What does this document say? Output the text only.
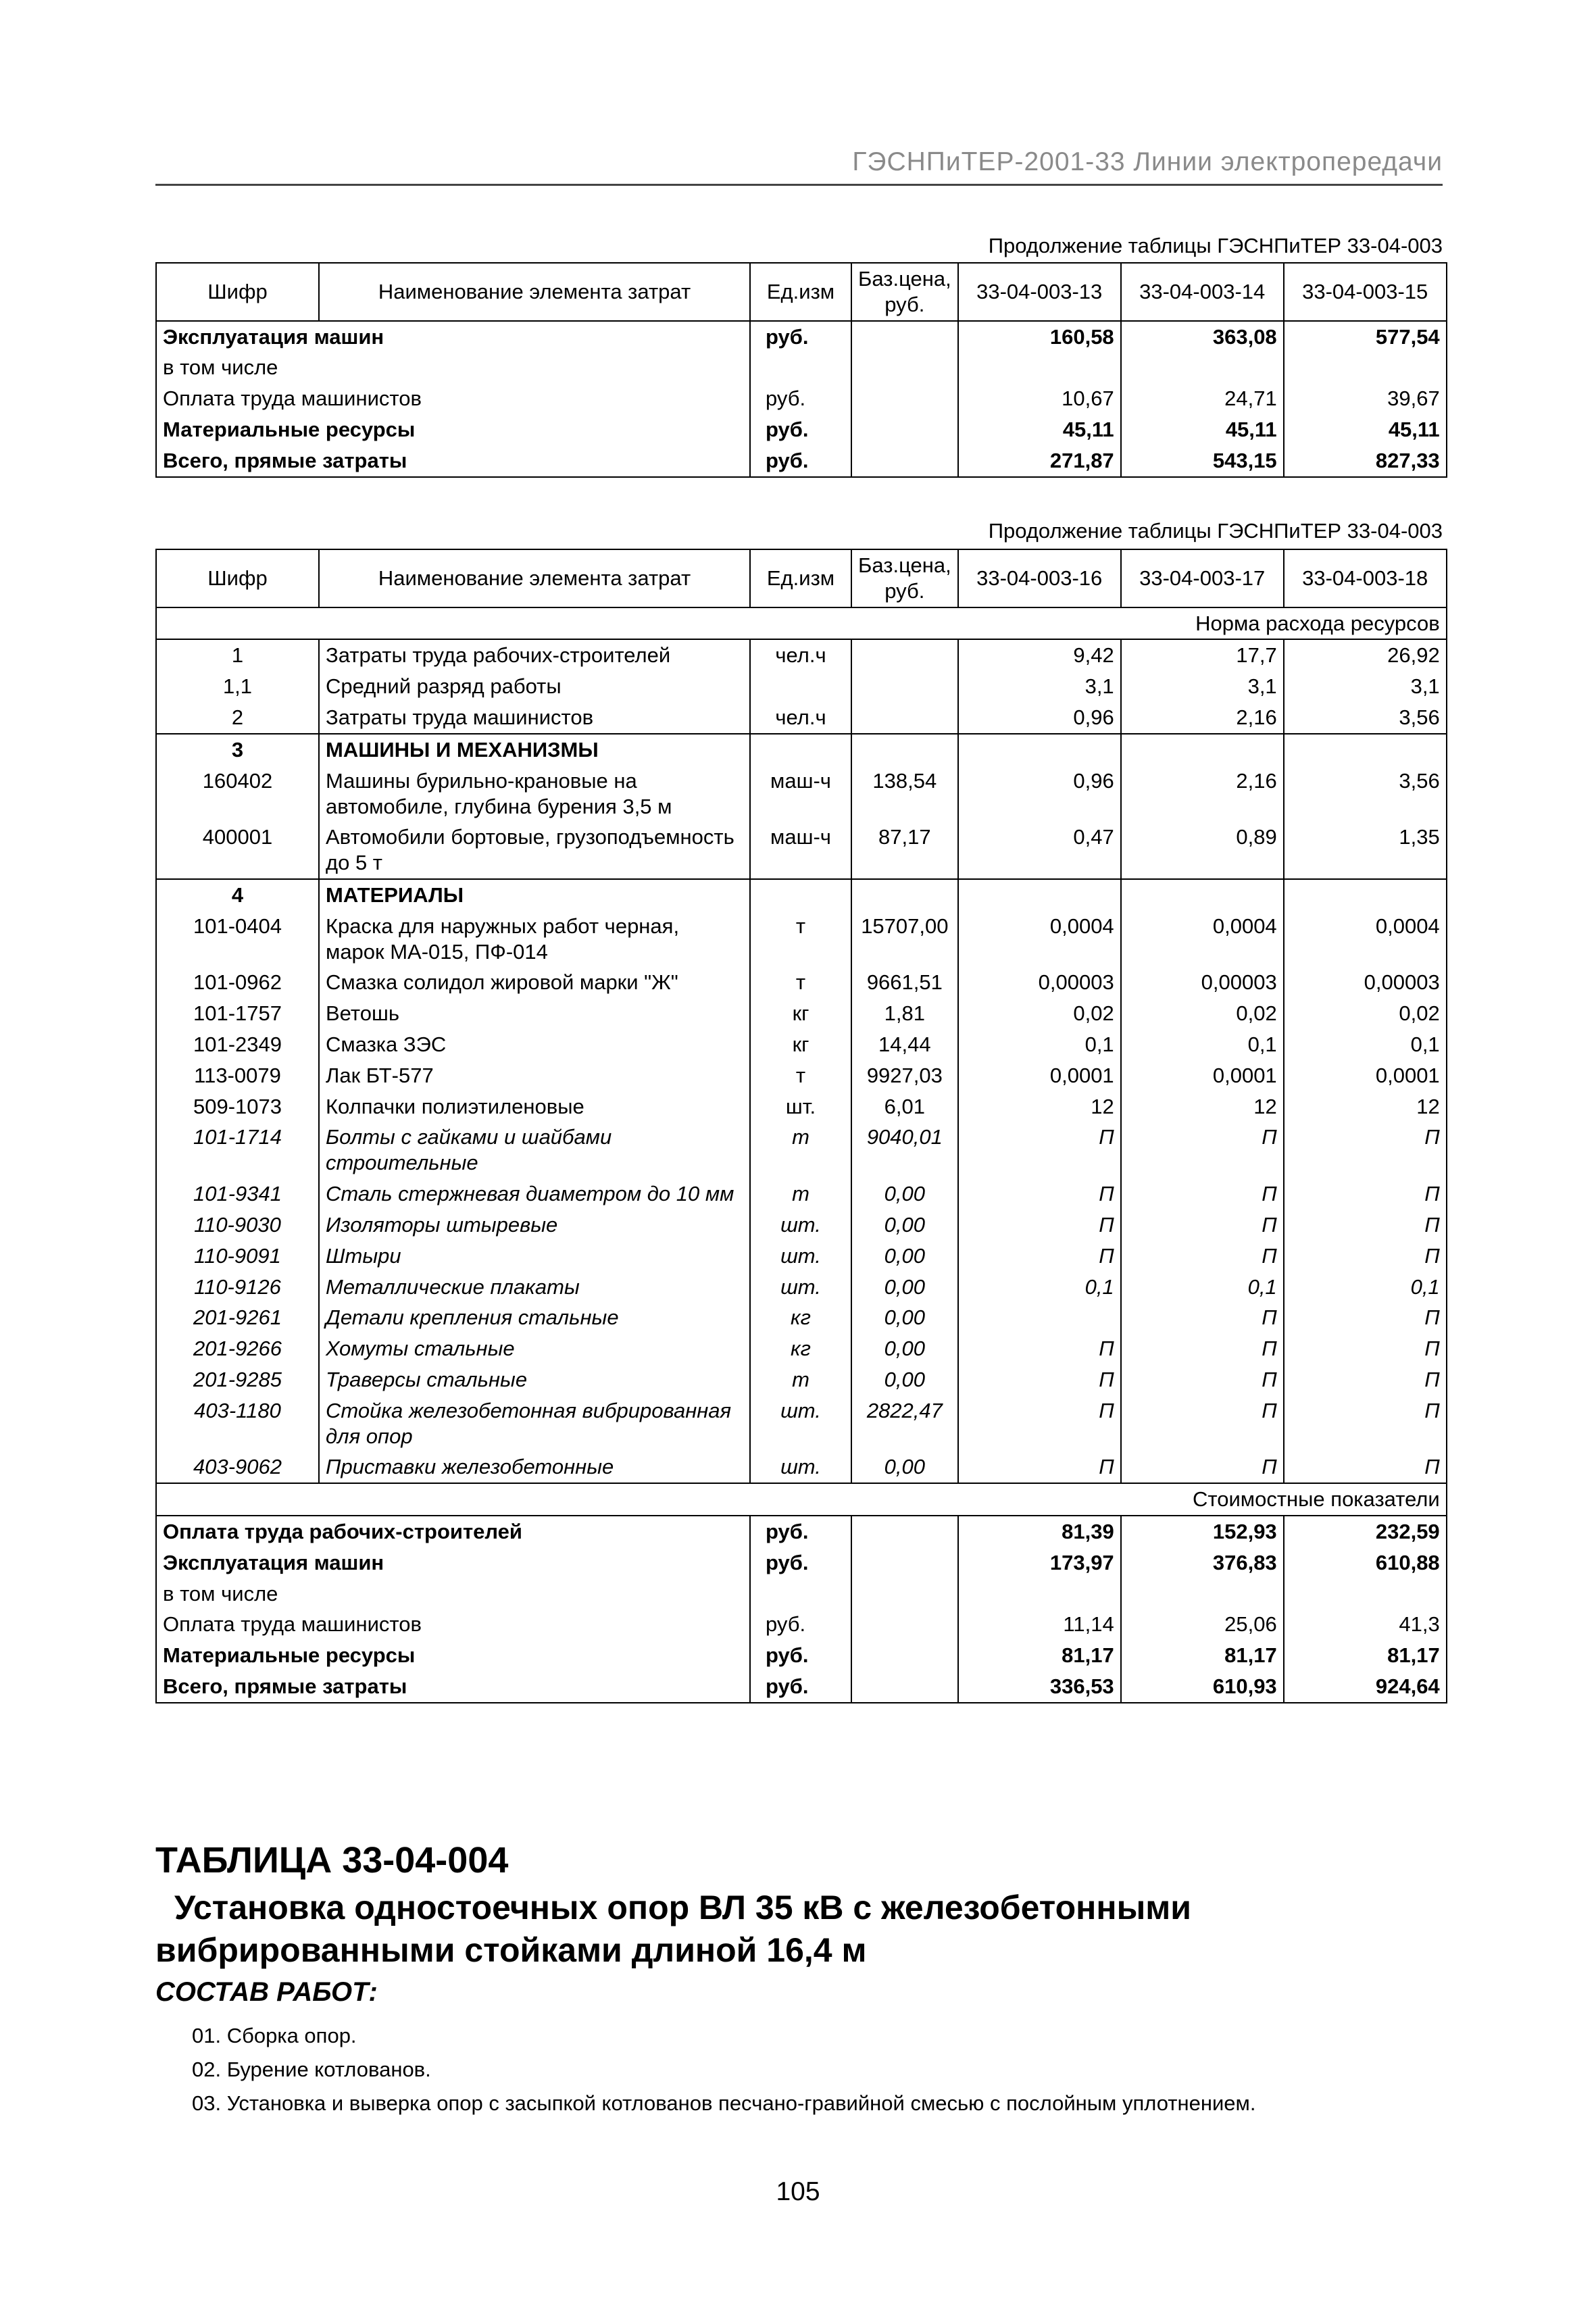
ГЭСНПиТЕР-2001-33 Линии электропередачи
Продолжение таблицы ГЭСНПиТЕР 33-04-003
Шифр	Наименование элемента затрат	Ед.изм	Баз.цена, руб.	33-04-003-13	33-04-003-14	33-04-003-15
Эксплуатация машин		руб.		160,58	363,08	577,54
в том числе						
Оплата труда машинистов		руб.		10,67	24,71	39,67
Материальные ресурсы		руб.		45,11	45,11	45,11
Всего, прямые затраты		руб.		271,87	543,15	827,33
Продолжение таблицы ГЭСНПиТЕР 33-04-003
Шифр	Наименование элемента затрат	Ед.изм	Баз.цена, руб.	33-04-003-16	33-04-003-17	33-04-003-18
Норма расхода ресурсов						
1	Затраты труда рабочих-строителей	чел.ч		9,42	17,7	26,92
1,1	Средний разряд работы			3,1	3,1	3,1
2	Затраты труда машинистов	чел.ч		0,96	2,16	3,56
3	МАШИНЫ И МЕХАНИЗМЫ					
160402	Машины бурильно-крановые на автомобиле, глубина бурения 3,5 м	маш-ч	138,54	0,96	2,16	3,56
400001	Автомобили бортовые, грузоподъемность до 5 т	маш-ч	87,17	0,47	0,89	1,35
4	МАТЕРИАЛЫ					
101-0404	Краска для наружных работ черная, марок МА-015, ПФ-014	т	15707,00	0,0004	0,0004	0,0004
101-0962	Смазка солидол жировой марки "Ж"	т	9661,51	0,00003	0,00003	0,00003
101-1757	Ветошь	кг	1,81	0,02	0,02	0,02
101-2349	Смазка ЗЭС	кг	14,44	0,1	0,1	0,1
113-0079	Лак БТ-577	т	9927,03	0,0001	0,0001	0,0001
509-1073	Колпачки полиэтиленовые	шт.	6,01	12	12	12
101-1714	Болты с гайками и шайбами строительные	т	9040,01	П	П	П
101-9341	Сталь стержневая диаметром до 10 мм	т	0,00	П	П	П
110-9030	Изоляторы штыревые	шт.	0,00	П	П	П
110-9091	Штыри	шт.	0,00	П	П	П
110-9126	Металлические плакаты	шт.	0,00	0,1	0,1	0,1
201-9261	Детали крепления стальные	кг	0,00		П	П
201-9266	Хомуты стальные	кг	0,00	П	П	П
201-9285	Траверсы стальные	т	0,00	П	П	П
403-1180	Стойка железобетонная вибрированная для опор	шт.	2822,47	П	П	П
403-9062	Приставки железобетонные	шт.	0,00	П	П	П
Стоимостные показатели						
Оплата труда рабочих-строителей		руб.		81,39	152,93	232,59
Эксплуатация машин		руб.		173,97	376,83	610,88
в том числе						
Оплата труда машинистов		руб.		11,14	25,06	41,3
Материальные ресурсы		руб.		81,17	81,17	81,17
Всего, прямые затраты		руб.		336,53	610,93	924,64
ТАБЛИЦА 33-04-004
Установка одностоечных опор ВЛ 35 кВ с железобетонными
вибрированными стойками длиной 16,4 м
СОСТАВ РАБОТ:
01. Сборка опор.
02. Бурение котлованов.
03. Установка и выверка опор с засыпкой котлованов песчано-гравийной смесью с послойным уплотнением.
105
